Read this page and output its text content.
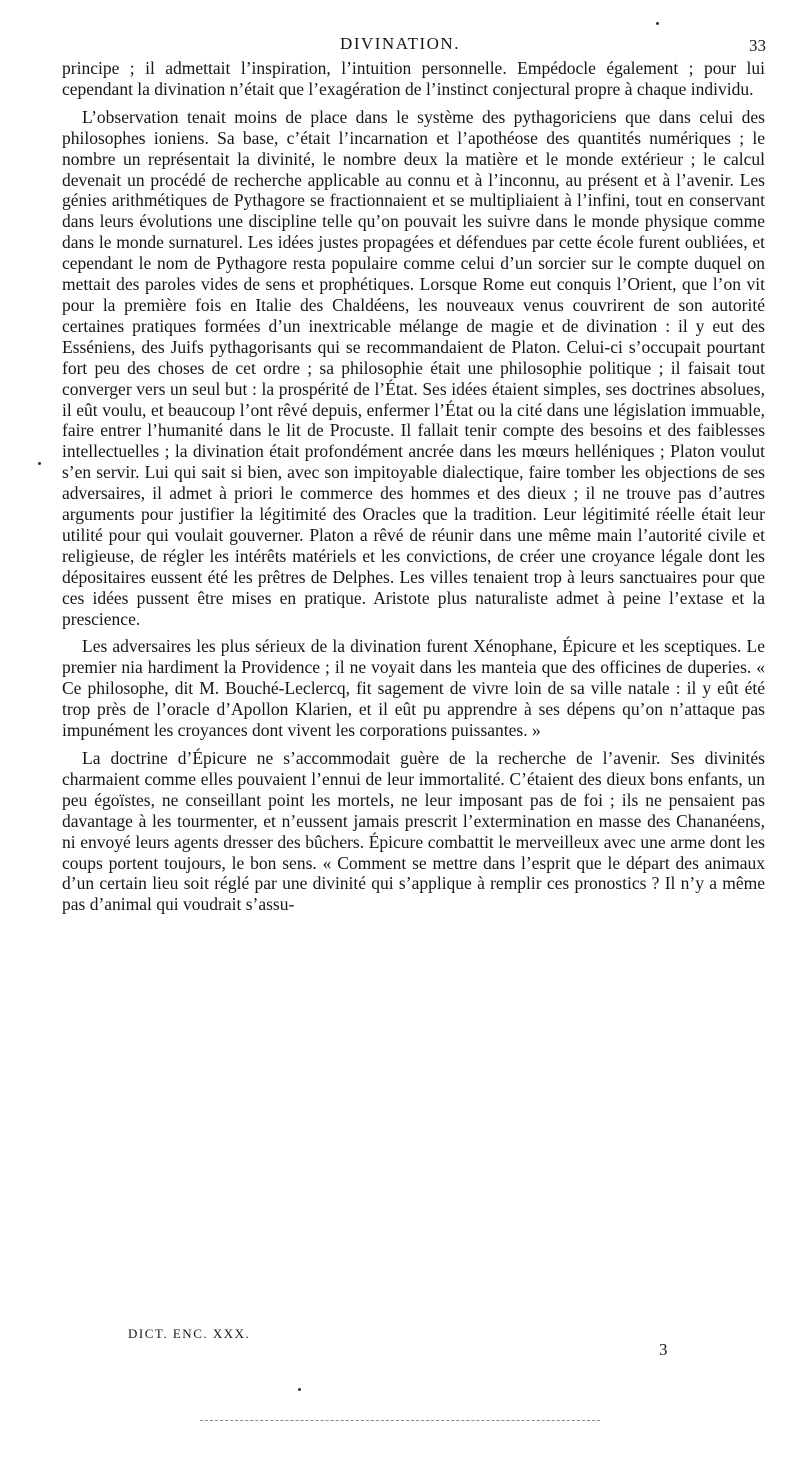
DIVINATION.	33

principe ; il admettait l’inspiration, l’intuition personnelle. Empédocle également ; pour lui cependant la divination n’était que l’exagération de l’instinct conjectural propre à chaque individu.

L’observation tenait moins de place dans le système des pythagoriciens que dans celui des philosophes ioniens. Sa base, c’était l’incarnation et l’apothéose des quantités numériques ; le nombre un représentait la divinité, le nombre deux la matière et le monde extérieur ; le calcul devenait un procédé de recherche applicable au connu et à l’inconnu, au présent et à l’avenir. Les génies arithmétiques de Pythagore se fractionnaient et se multipliaient à l’infini, tout en conservant dans leurs évolutions une discipline telle qu’on pouvait les suivre dans le monde physique comme dans le monde surnaturel. Les idées justes propagées et défendues par cette école furent oubliées, et cependant le nom de Pythagore resta populaire comme celui d’un sorcier sur le compte duquel on mettait des paroles vides de sens et prophétiques. Lorsque Rome eut conquis l’Orient, que l’on vit pour la première fois en Italie des Chaldéens, les nouveaux venus couvrirent de son autorité certaines pratiques formées d’un inextricable mélange de magie et de divination : il y eut des Esséniens, des Juifs pythagorisants qui se recommandaient de Platon. Celui-ci s’occupait pourtant fort peu des choses de cet ordre ; sa philosophie était une philosophie politique ; il faisait tout converger vers un seul but : la prospérité de l’État. Ses idées étaient simples, ses doctrines absolues, il eût voulu, et beaucoup l’ont rêvé depuis, enfermer l’État ou la cité dans une législation immuable, faire entrer l’humanité dans le lit de Procuste. Il fallait tenir compte des besoins et des faiblesses intellectuelles ; la divination était profondément ancrée dans les mœurs helléniques ; Platon voulut s’en servir. Lui qui sait si bien, avec son impitoyable dialectique, faire tomber les objections de ses adversaires, il admet à priori le commerce des hommes et des dieux ; il ne trouve pas d’autres arguments pour justifier la légitimité des Oracles que la tradition. Leur légitimité réelle était leur utilité pour qui voulait gouverner. Platon a rêvé de réunir dans une même main l’autorité civile et religieuse, de régler les intérêts matériels et les convictions, de créer une croyance légale dont les dépositaires eussent été les prêtres de Delphes. Les villes tenaient trop à leurs sanctuaires pour que ces idées pussent être mises en pratique. Aristote plus naturaliste admet à peine l’extase et la prescience.

Les adversaires les plus sérieux de la divination furent Xénophane, Épicure et les sceptiques. Le premier nia hardiment la Providence ; il ne voyait dans les manteia que des officines de duperies. « Ce philosophe, dit M. Bouché-Leclercq, fit sagement de vivre loin de sa ville natale : il y eût été trop près de l’oracle d’Apollon Klarien, et il eût pu apprendre à ses dépens qu’on n’attaque pas impunément les croyances dont vivent les corporations puissantes. »

La doctrine d’Épicure ne s’accommodait guère de la recherche de l’avenir. Ses divinités charmaient comme elles pouvaient l’ennui de leur immortalité. C’étaient des dieux bons enfants, un peu égoïstes, ne conseillant point les mortels, ne leur imposant pas de foi ; ils ne pensaient pas davantage à les tourmenter, et n’eussent jamais prescrit l’extermination en masse des Chananéens, ni envoyé leurs agents dresser des bûchers. Épicure combattit le merveilleux avec une arme dont les coups portent toujours, le bon sens. « Comment se mettre dans l’esprit que le départ des animaux d’un certain lieu soit réglé par une divinité qui s’applique à remplir ces pronostics ? Il n’y a même pas d’animal qui voudrait s’assu-

DICT. ENC. XXX.
3
